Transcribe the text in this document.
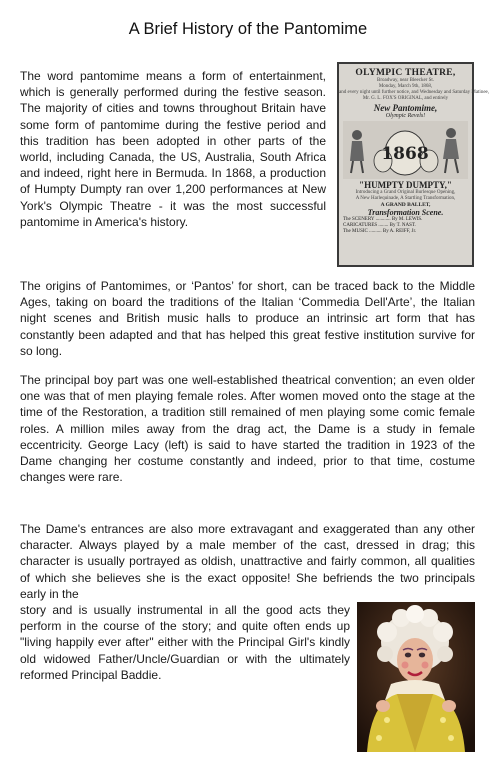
A Brief History of the Pantomime

The word pantomime means a form of entertainment, which is generally performed during the festive season. The majority of cities and towns throughout Britain have some form of pantomime during the festive period and this tradition has been adopted in other parts of the world, including Canada, the US, Australia, South Africa and indeed, right here in Bermuda. In 1868, a production of Humpty Dumpty ran over 1,200 performances at New York's Olympic Theatre - it was the most successful pantomime in America's history.

OLYMPIC THEATRE,
Broadway, near Bleecker St.
Monday, March 9th, 1868,
and every night until further notice, and Wednesday and Saturday Matinee,
Mr. G. L. FOX'S ORIGINAL, and entirely
New Pantomime,
Olympic Revels!
1868
"HUMPTY DUMPTY,"
Introducing a Grand Original Burlesque Opening,
A New Harlequinade, A Startling Transformation,
A GRAND BALLET,
Transformation Scene.
The SCENERY ............ By M. LEWIS.
CARICATURES ........ By T. NAST.
The MUSIC .......... By A. REIFF, Jr.

The origins of Pantomimes, or ‘Pantos’ for short, can be traced back to the Middle Ages, taking on board the traditions of the Italian ‘Commedia Dell'Arte’, the Italian night scenes and British music halls to produce an intrinsic art form that has constantly been adapted and that has helped this great festive institution survive for so long.

The principal boy part was one well-established theatrical convention; an even older one was that of men playing female roles. After women moved onto the stage at the time of the Restoration, a tradition still remained of men playing some comic female roles. A million miles away from the drag act, the Dame is a study in female eccentricity. George Lacy (left) is said to have started the tradition in 1923 of the Dame changing her costume constantly and indeed, prior to that time, costume changes were rare.

The Dame's entrances are also more extravagant and exaggerated than any other character. Always played by a male member of the cast, dressed in drag; this character is usually portrayed as oldish, unattractive and fairly common, all qualities of which she believes she is the exact opposite! She befriends the two principals early in the

story and is usually instrumental in all the good acts they perform in the course of the story; and quite often ends up "living happily ever after" either with the Principal Girl's kindly old widowed Father/Uncle/Guardian or with the ultimately reformed Principal Baddie.
